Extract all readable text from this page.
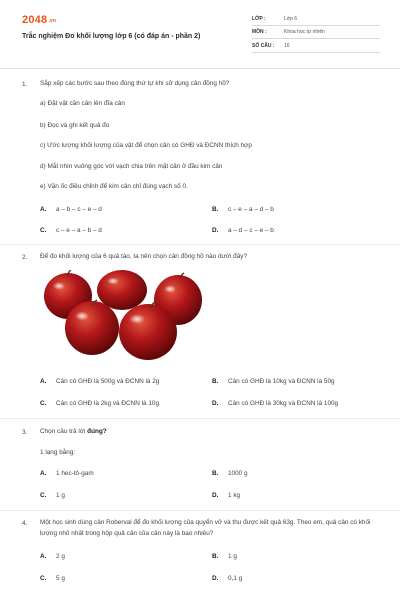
2048.vn
Trắc nghiệm Đo khối lượng lớp 6 (có đáp án - phần 2)
LỚP :	Lớp 6
MÔN :	Khoa học tự nhiên
SỐ CÂU : 16
1. Sắp xếp các bước sau theo đúng thứ tự khi sử dụng cân đồng hồ?
a) Đặt vật cần cân lên đĩa cân
b) Đọc và ghi kết quả đo
c) Ước lượng khối lượng của vật để chọn cân có GHĐ và ĐCNN thích hợp
d) Mắt nhìn vuông góc với vạch chia trên mặt cân ở đầu kim cân
e) Vặn ốc điều chỉnh để kim cân chỉ đúng vạch số 0.
A. a – b – c – e – d	B. c – e – a – d – b
C. c – e – a – b – d	D. a – d – c – e – b
2. Để đo khối lượng của 6 quả táo, ta nên chọn cân đồng hồ nào dưới đây?
A. Cân có GHĐ là 500g và ĐCNN là 2g	B. Cân có GHĐ là 10kg và ĐCNN là 50g
C. Cân có GHĐ là 2kg và ĐCNN là 10g	D. Cân có GHĐ là 30kg và ĐCNN là 100g
3. Chọn câu trả lời đúng?
1 lạng bằng:
A. 1 hec-tô-gam	B. 1000 g
C. 1 g	D. 1 kg
4. Một học sinh dùng cân Roberval để đo khối lượng của quyển vở và thu được kết quả 63g. Theo em, quả cân có khối lượng nhỏ nhất trong hộp quả cân của cân này là bao nhiêu?
A. 2 g	B. 1 g
C. 5 g	D. 0,1 g
